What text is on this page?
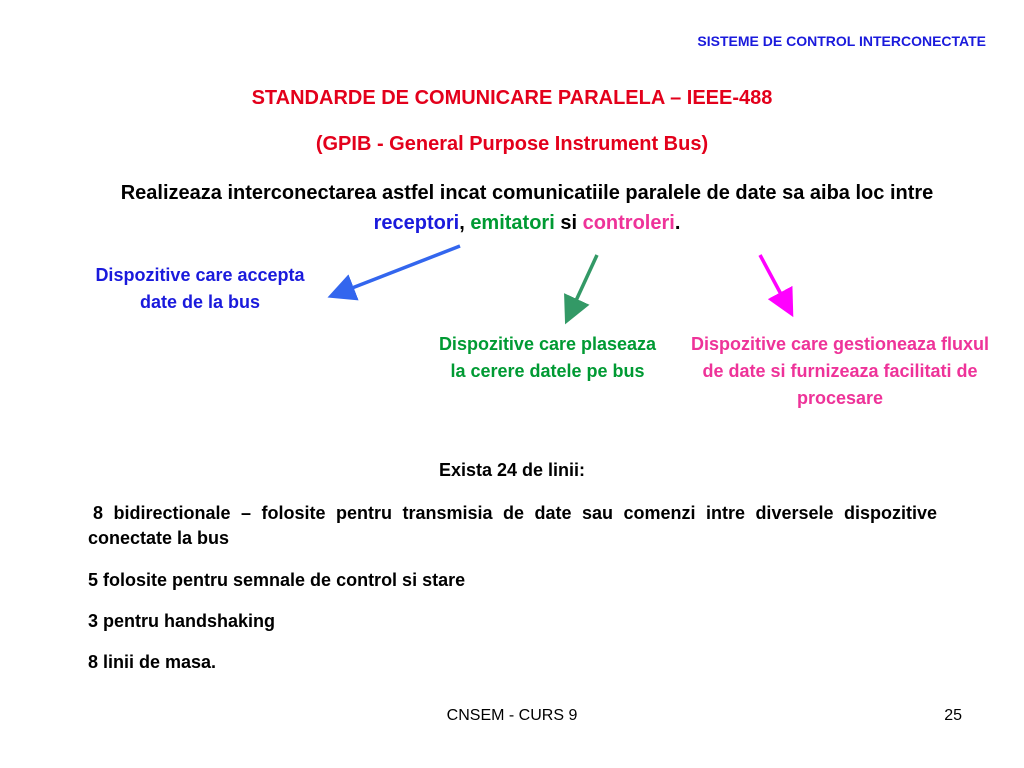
SISTEME DE CONTROL INTERCONECTATE
STANDARDE DE COMUNICARE PARALELA – IEEE-488
(GPIB - General Purpose Instrument Bus)
Realizeaza interconectarea astfel incat comunicatiile paralele de date sa aiba loc intre receptori, emitatori si controleri.
Dispozitive care accepta date de la bus
Dispozitive care plaseaza la cerere datele pe bus
Dispozitive care gestioneaza fluxul de date si furnizeaza facilitati de procesare
Exista 24 de linii:
8 bidirectionale – folosite pentru transmisia de date sau comenzi intre diversele dispozitive conectate la bus
5 folosite pentru semnale de control si stare
3 pentru handshaking
8 linii de masa.
CNSEM - CURS 9	25
